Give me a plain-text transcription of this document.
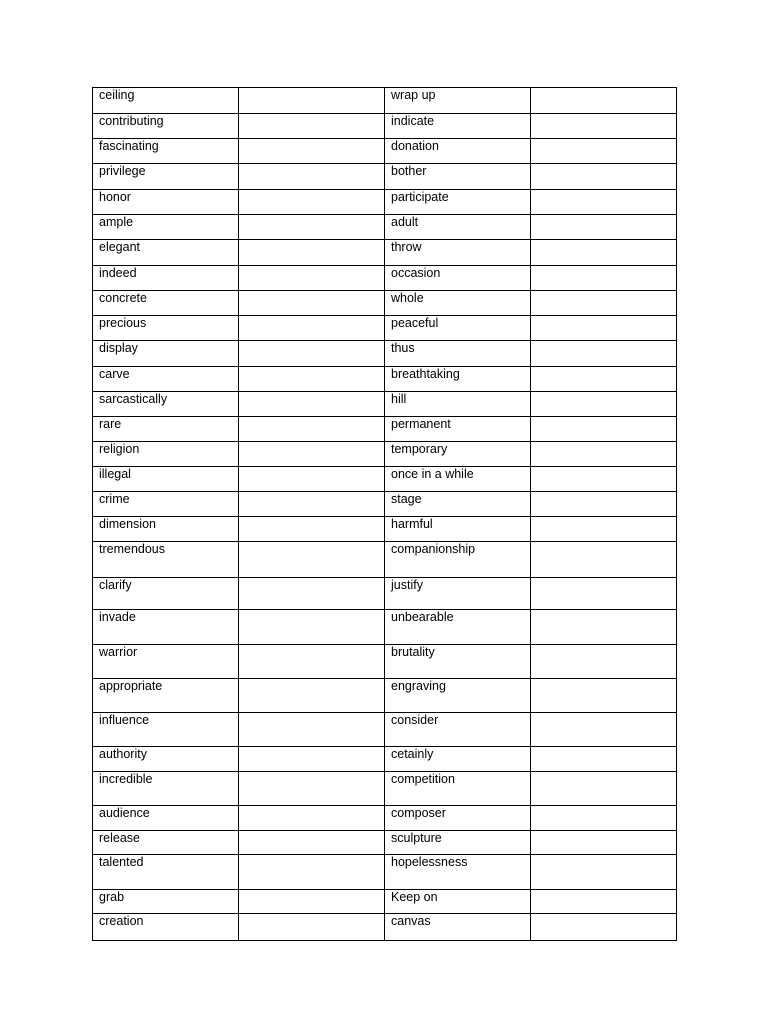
ceiling		wrap up	
contributing		indicate	
fascinating		donation	
privilege		bother	
honor		participate	
ample		adult	
elegant		throw	
indeed		occasion	
concrete		whole	
precious		peaceful	
display		thus	
carve		breathtaking	
sarcastically		hill	
rare		permanent	
religion		temporary	
illegal		once in a while	
crime		stage	
dimension		harmful	
tremendous		companionship	
clarify		justify	
invade		unbearable	
warrior		brutality	
appropriate		engraving	
influence		consider	
authority		cetainly	
incredible		competition	
audience		composer	
release		sculpture	
talented		hopelessness	
grab		Keep on	
creation		canvas	
